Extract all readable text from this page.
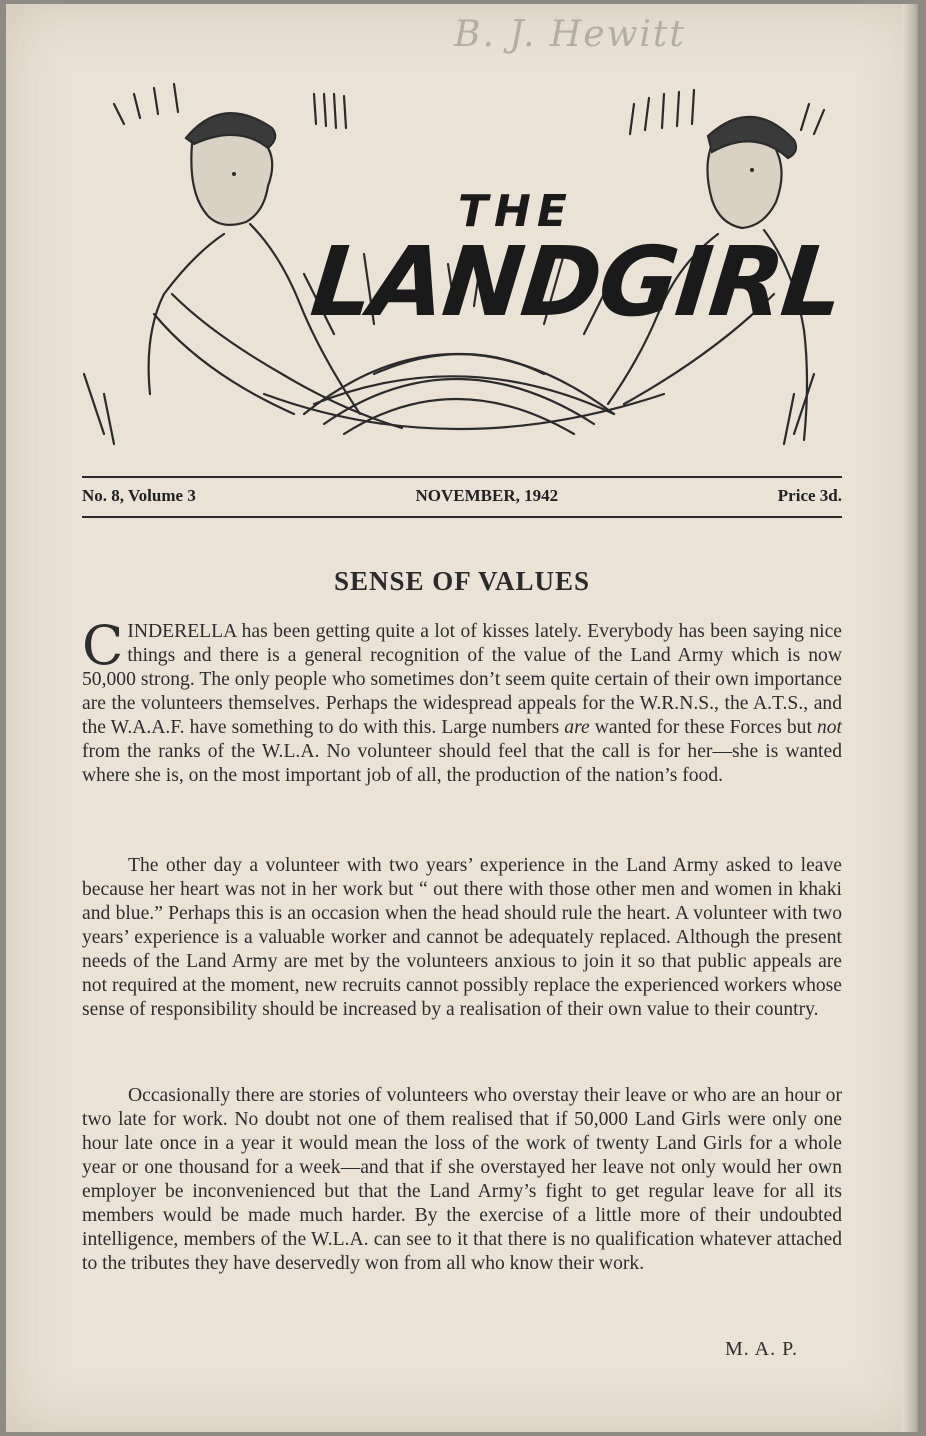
B. J. Hewitt
THE
LANDGIRL
No. 8, Volume 3	NOVEMBER, 1942	Price 3d.
SENSE OF VALUES

CINDERELLA has been getting quite a lot of kisses lately. Everybody has been saying nice things and there is a general recognition of the value of the Land Army which is now 50,000 strong. The only people who sometimes don’t seem quite certain of their own importance are the volunteers themselves. Perhaps the widespread appeals for the W.R.N.S., the A.T.S., and the W.A.A.F. have something to do with this. Large numbers are wanted for these Forces but not from the ranks of the W.L.A. No volunteer should feel that the call is for her—she is wanted where she is, on the most important job of all, the production of the nation’s food.

The other day a volunteer with two years’ experience in the Land Army asked to leave because her heart was not in her work but “ out there with those other men and women in khaki and blue.” Perhaps this is an occasion when the head should rule the heart. A volunteer with two years’ experience is a valuable worker and cannot be adequately replaced. Although the present needs of the Land Army are met by the volunteers anxious to join it so that public appeals are not required at the moment, new recruits cannot possibly replace the experienced workers whose sense of responsibility should be increased by a realisation of their own value to their country.

Occasionally there are stories of volunteers who overstay their leave or who are an hour or two late for work. No doubt not one of them realised that if 50,000 Land Girls were only one hour late once in a year it would mean the loss of the work of twenty Land Girls for a whole year or one thousand for a week—and that if she overstayed her leave not only would her own employer be inconvenienced but that the Land Army’s fight to get regular leave for all its members would be made much harder. By the exercise of a little more of their undoubted intelligence, members of the W.L.A. can see to it that there is no qualification whatever attached to the tributes they have deservedly won from all who know their work.

M. A. P.
